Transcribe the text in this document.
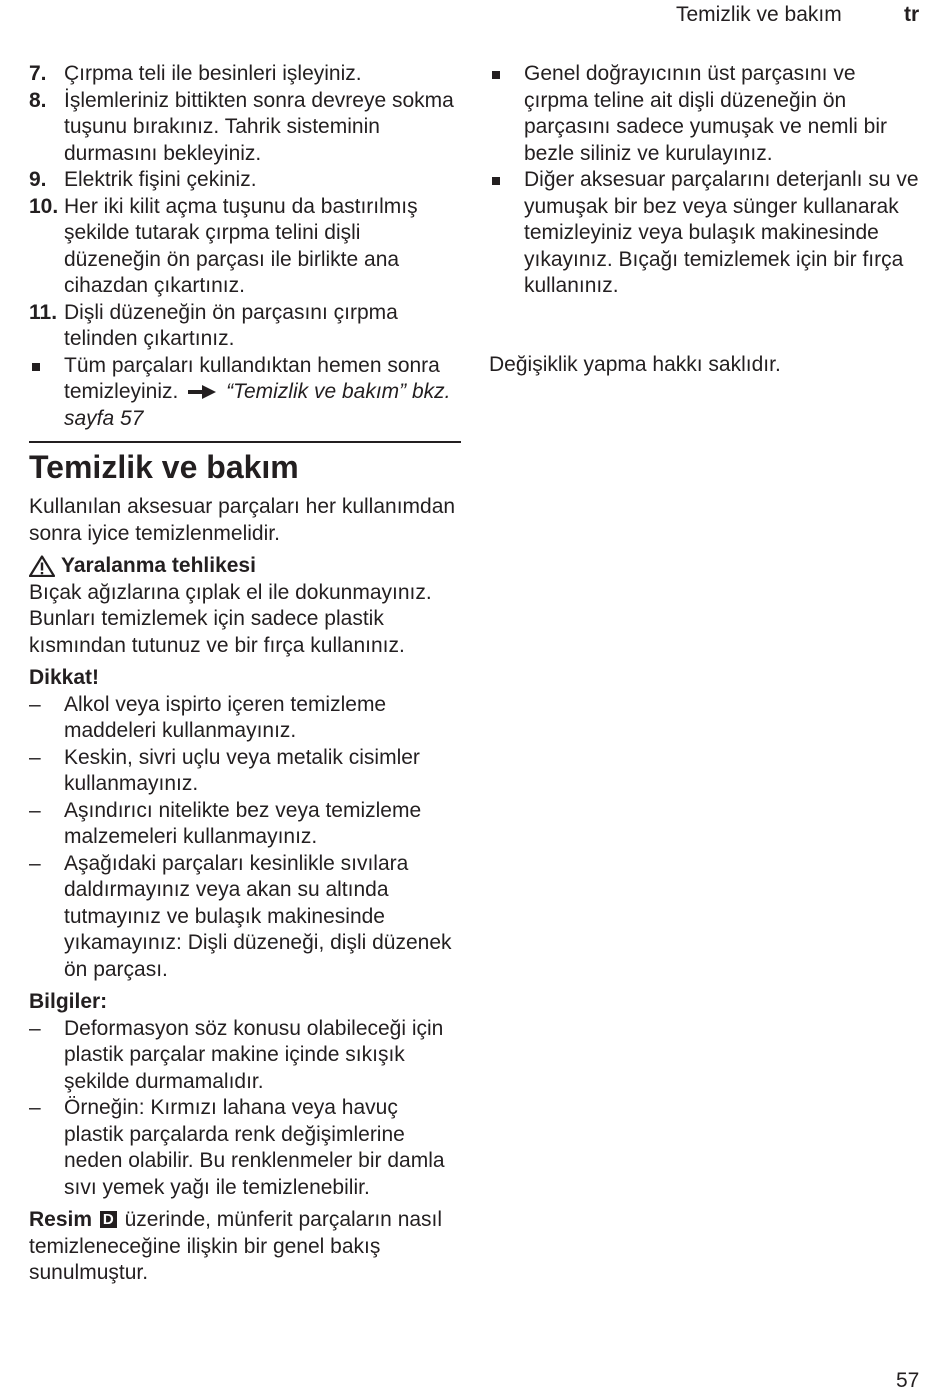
Temizlik ve bakım	tr
7. Çırpma teli ile besinleri işleyiniz.
8. İşlemleriniz bittikten sonra devreye sokma tuşunu bırakınız. Tahrik sisteminin durmasını bekleyiniz.
9. Elektrik fişini çekiniz.
10. Her iki kilit açma tuşunu da bastırılmış şekilde tutarak çırpma telini dişli düzeneğin ön parçası ile birlikte ana cihazdan çıkartınız.
11. Dişli düzeneğin ön parçasını çırpma telinden çıkartınız.
Tüm parçaları kullandıktan hemen sonra temizleyiniz. “Temizlik ve bakım” bkz. sayfa 57
Temizlik ve bakım
Kullanılan aksesuar parçaları her kullanımdan sonra iyice temizlenmelidir.
Yaralanma tehlikesi
Bıçak ağızlarına çıplak el ile dokunmayınız. Bunları temizlemek için sadece plastik kısmından tutunuz ve bir fırça kullanınız.
Dikkat!
– Alkol veya ispirto içeren temizleme maddeleri kullanmayınız.
– Keskin, sivri uçlu veya metalik cisimler kullanmayınız.
– Aşındırıcı nitelikte bez veya temizleme malzemeleri kullanmayınız.
– Aşağıdaki parçaları kesinlikle sıvılara daldırmayınız veya akan su altında tutmayınız ve bulaşık makinesinde yıkamayınız: Dişli düzeneği, dişli düzenek ön parçası.
Bilgiler:
– Deformasyon söz konusu olabileceği için plastik parçalar makine içinde sıkışık şekilde durmamalıdır.
– Örneğin: Kırmızı lahana veya havuç plastik parçalarda renk değişimlerine neden olabilir. Bu renklenmeler bir damla sıvı yemek yağı ile temizlenebilir.
Resim D üzerinde, münferit parçaların nasıl temizleneceğine ilişkin bir genel bakış sunulmuştur.
Genel doğrayıcının üst parçasını ve çırpma teline ait dişli düzeneğin ön parçasını sadece yumuşak ve nemli bir bezle siliniz ve kurulayınız.
Diğer aksesuar parçalarını deterjanlı su ve yumuşak bir bez veya sünger kullanarak temizleyiniz veya bulaşık makinesinde yıkayınız. Bıçağı temizlemek için bir fırça kullanınız.
Değişiklik yapma hakkı saklıdır.
57
